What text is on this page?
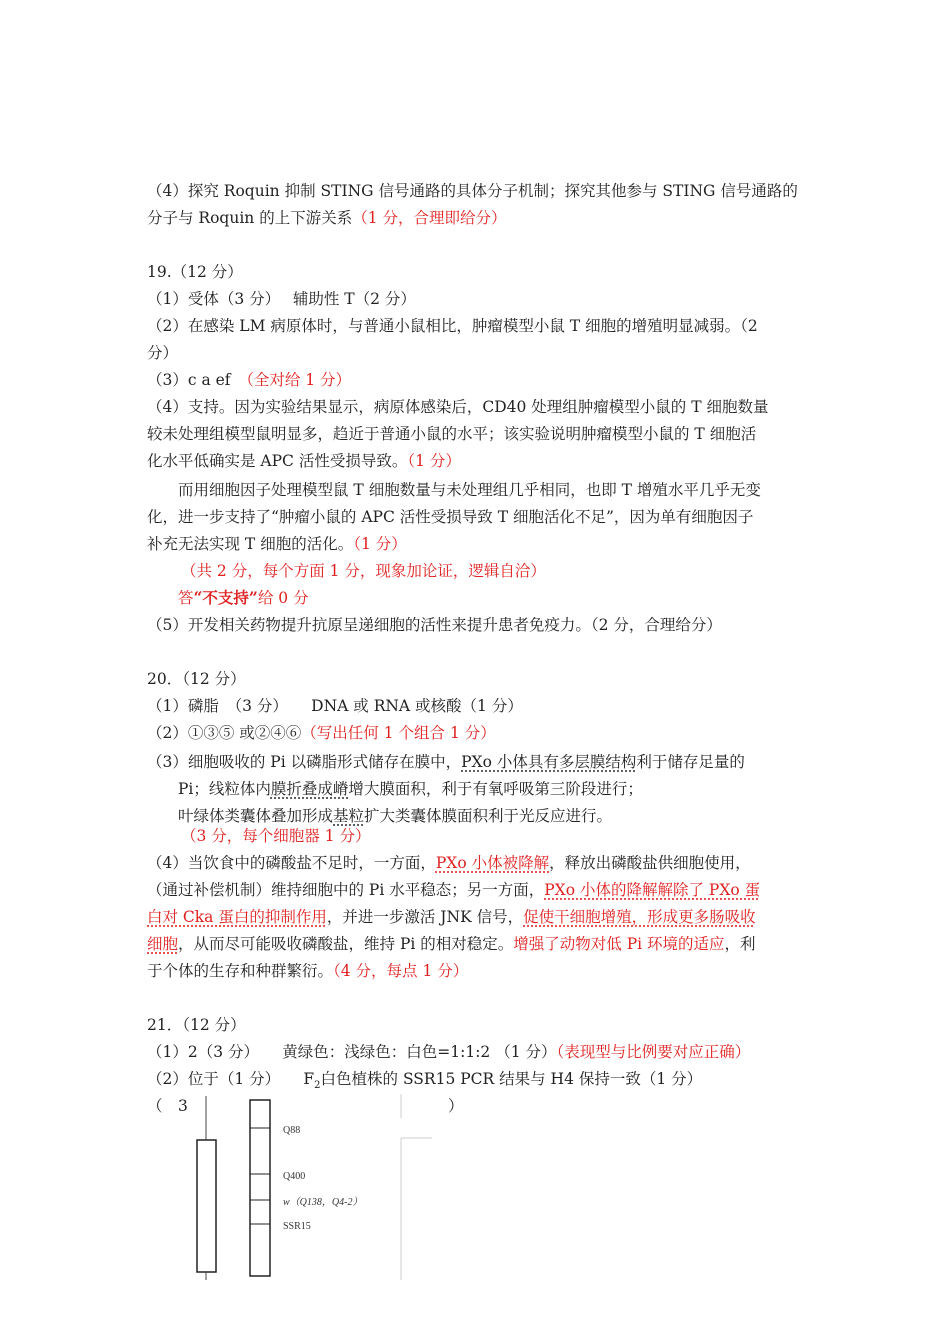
（4）探究 Roquin 抑制 STING 信号通路的具体分子机制；探究其他参与 STING 信号通路的
分子与 Roquin 的上下游关系（1 分，合理即给分）
19.（12 分）
（1）受体（3 分）　 辅助性 T（2 分）
（2）在感染 LM 病原体时，与普通小鼠相比，肿瘤模型小鼠 T 细胞的增殖明显减弱。（2
分）
（3）c a ef　（全对给 1 分）
（4）支持。因为实验结果显示，病原体感染后，CD40 处理组肿瘤模型小鼠的 T 细胞数量
较未处理组模型鼠明显多，趋近于普通小鼠的水平；该实验说明肿瘤模型小鼠的 T 细胞活
化水平低确实是 APC 活性受损导致。（1 分）
而用细胞因子处理模型鼠 T 细胞数量与未处理组几乎相同，也即 T 增殖水平几乎无变
化，进一步支持了“肿瘤小鼠的 APC 活性受损导致 T 细胞活化不足”，因为单有细胞因子
补充无法实现 T 细胞的活化。（1 分）
（共 2 分，每个方面 1 分，现象加论证，逻辑自洽）
答“不支持”给 0 分
（5）开发相关药物提升抗原呈递细胞的活性来提升患者免疫力。（2 分，合理给分）
20．（12 分）
（1）磷脂　（3 分）　　DNA 或 RNA 或核酸（1 分）
（2）①③⑤ 或②④⑥（写出任何 1 个组合 1 分）
（3）细胞吸收的 Pi 以磷脂形式储存在膜中，PXo 小体具有多层膜结构利于储存足量的
Pi；线粒体内膜折叠成嵴增大膜面积，利于有氧呼吸第三阶段进行；
叶绿体类囊体叠加形成基粒扩大类囊体膜面积利于光反应进行。
（3 分，每个细胞器 1 分）
（4）当饮食中的磷酸盐不足时，一方面，PXo 小体被降解，释放出磷酸盐供细胞使用，
（通过补偿机制）维持细胞中的 Pi 水平稳态；另一方面，PXo 小体的降解解除了 PXo 蛋
白对 Cka 蛋白的抑制作用，并进一步激活 JNK 信号，促使干细胞增殖，形成更多肠吸收
细胞，从而尽可能吸收磷酸盐，维持 Pi 的相对稳定。增强了动物对低 Pi 环境的适应，利
于个体的生存和种群繁衍。（4 分，每点 1 分）
21．（12 分）
（1）2（3 分）　　黄绿色：浅绿色：白色=1:1:2 （1 分）（表现型与比例要对应正确）
（2）位于（1 分）　　$F_2$白色植株的 SSR15 PCR 结果与 H4 保持一致（1 分）
（　3	）
Q88
Q400
w（Q138，Q4-2）
SSR15
